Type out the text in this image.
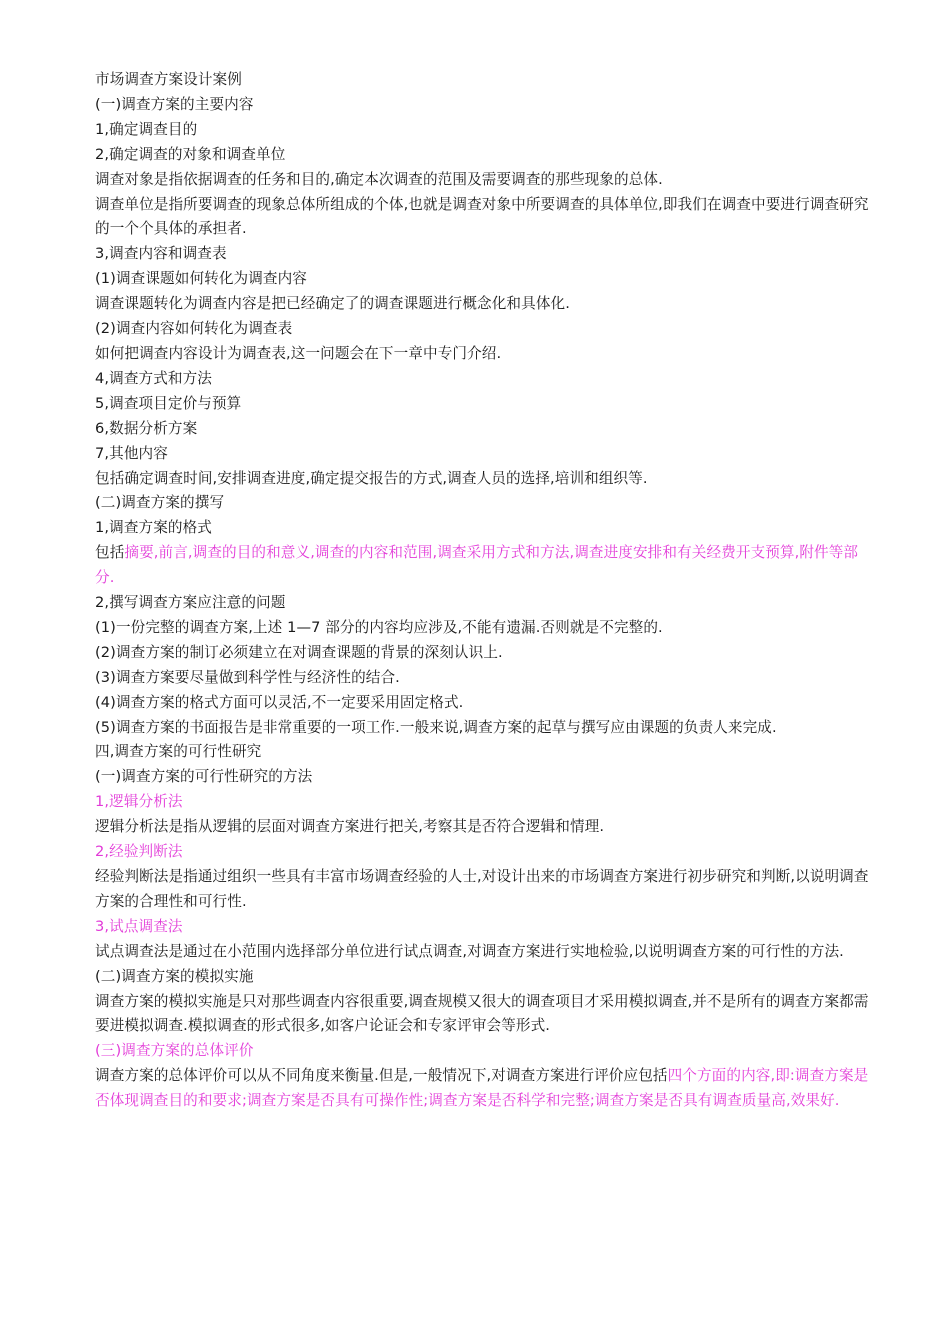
市场调查方案设计案例

(一)调查方案的主要内容

1,确定调查目的

2,确定调查的对象和调查单位

调查对象是指依据调查的任务和目的,确定本次调查的范围及需要调查的那些现象的总体.

调查单位是指所要调查的现象总体所组成的个体,也就是调查对象中所要调查的具体单位,即我们在调查中要进行调查研究的一个个具体的承担者.

3,调查内容和调查表

(1)调查课题如何转化为调查内容

调查课题转化为调查内容是把已经确定了的调查课题进行概念化和具体化.

(2)调查内容如何转化为调查表

如何把调查内容设计为调查表,这一问题会在下一章中专门介绍.

4,调查方式和方法

5,调查项目定价与预算

6,数据分析方案

7,其他内容

包括确定调查时间,安排调查进度,确定提交报告的方式,调查人员的选择,培训和组织等.

(二)调查方案的撰写

1,调查方案的格式

包括摘要,前言,调查的目的和意义,调查的内容和范围,调查采用方式和方法,调查进度安排和有关经费开支预算,附件等部分.

2,撰写调查方案应注意的问题

(1)一份完整的调查方案,上述 1—7 部分的内容均应涉及,不能有遗漏.否则就是不完整的.

(2)调查方案的制订必须建立在对调查课题的背景的深刻认识上.

(3)调查方案要尽量做到科学性与经济性的结合.

(4)调查方案的格式方面可以灵活,不一定要采用固定格式.

(5)调查方案的书面报告是非常重要的一项工作.一般来说,调查方案的起草与撰写应由课题的负责人来完成.

四,调查方案的可行性研究

(一)调查方案的可行性研究的方法

1,逻辑分析法

逻辑分析法是指从逻辑的层面对调查方案进行把关,考察其是否符合逻辑和情理.

2,经验判断法

经验判断法是指通过组织一些具有丰富市场调查经验的人士,对设计出来的市场调查方案进行初步研究和判断,以说明调查方案的合理性和可行性.

3,试点调查法

试点调查法是通过在小范围内选择部分单位进行试点调查,对调查方案进行实地检验,以说明调查方案的可行性的方法.

(二)调查方案的模拟实施

调查方案的模拟实施是只对那些调查内容很重要,调查规模又很大的调查项目才采用模拟调查,并不是所有的调查方案都需要进模拟调查.模拟调查的形式很多,如客户论证会和专家评审会等形式.

(三)调查方案的总体评价

调查方案的总体评价可以从不同角度来衡量.但是,一般情况下,对调查方案进行评价应包括四个方面的内容,即:调查方案是否体现调查目的和要求;调查方案是否具有可操作性;调查方案是否科学和完整;调查方案是否具有调查质量高,效果好.
